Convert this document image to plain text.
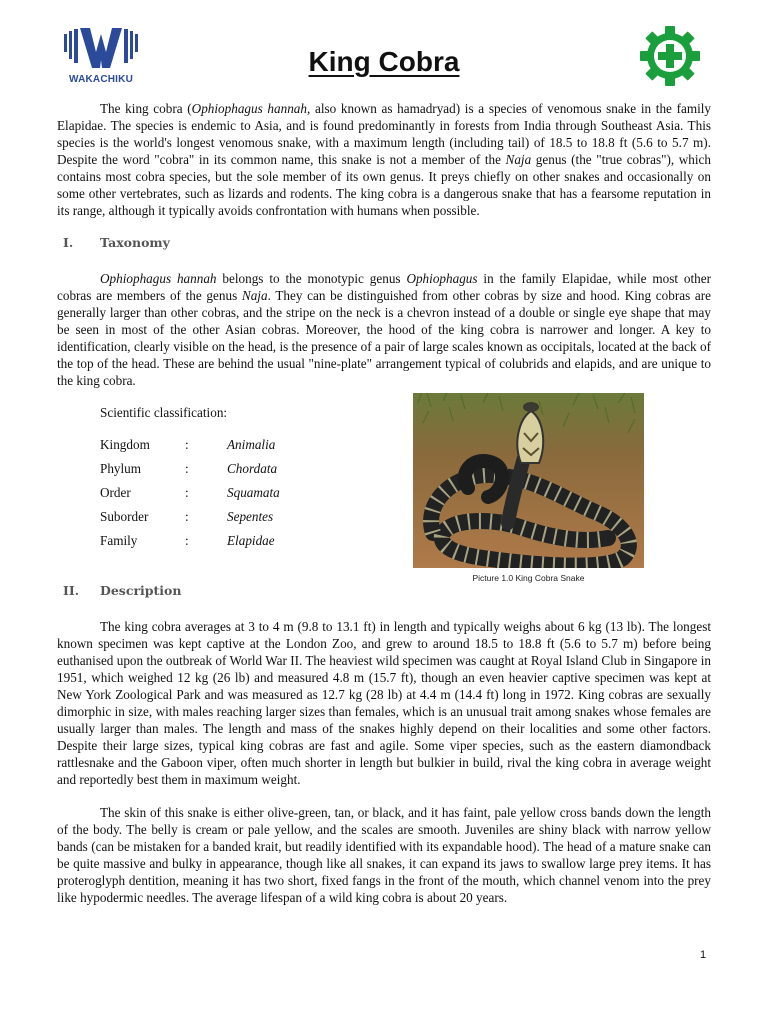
WAKACHIKU
King Cobra

The king cobra (Ophiophagus hannah, also known as hamadryad) is a species of venomous snake in the family Elapidae. The species is endemic to Asia, and is found predominantly in forests from India through Southeast Asia. This species is the world's longest venomous snake, with a maximum length (including tail) of 18.5 to 18.8 ft (5.6 to 5.7 m). Despite the word "cobra" in its common name, this snake is not a member of the Naja genus (the "true cobras"), which contains most cobra species, but the sole member of its own genus. It preys chiefly on other snakes and occasionally on some other vertebrates, such as lizards and rodents. The king cobra is a dangerous snake that has a fearsome reputation in its range, although it typically avoids confrontation with humans when possible.

I. Taxonomy

Ophiophagus hannah belongs to the monotypic genus Ophiophagus in the family Elapidae, while most other cobras are members of the genus Naja. They can be distinguished from other cobras by size and hood. King cobras are generally larger than other cobras, and the stripe on the neck is a chevron instead of a double or single eye shape that may be seen in most of the other Asian cobras. Moreover, the hood of the king cobra is narrower and longer. A key to identification, clearly visible on the head, is the presence of a pair of large scales known as occipitals, located at the back of the top of the head. These are behind the usual "nine-plate" arrangement typical of colubrids and elapids, and are unique to the king cobra.

Scientific classification:
Kingdom	:	Animalia
Phylum	:	Chordata
Order	:	Squamata
Suborder	:	Sepentes
Family	:	Elapidae
Picture 1.0 King Cobra Snake
II. Description

The king cobra averages at 3 to 4 m (9.8 to 13.1 ft) in length and typically weighs about 6 kg (13 lb). The longest known specimen was kept captive at the London Zoo, and grew to around 18.5 to 18.8 ft (5.6 to 5.7 m) before being euthanised upon the outbreak of World War II. The heaviest wild specimen was caught at Royal Island Club in Singapore in 1951, which weighed 12 kg (26 lb) and measured 4.8 m (15.7 ft), though an even heavier captive specimen was kept at New York Zoological Park and was measured as 12.7 kg (28 lb) at 4.4 m (14.4 ft) long in 1972. King cobras are sexually dimorphic in size, with males reaching larger sizes than females, which is an unusual trait among snakes whose females are usually larger than males. The length and mass of the snakes highly depend on their localities and some other factors. Despite their large sizes, typical king cobras are fast and agile. Some viper species, such as the eastern diamondback rattlesnake and the Gaboon viper, often much shorter in length but bulkier in build, rival the king cobra in average weight and reportedly best them in maximum weight.

The skin of this snake is either olive-green, tan, or black, and it has faint, pale yellow cross bands down the length of the body. The belly is cream or pale yellow, and the scales are smooth. Juveniles are shiny black with narrow yellow bands (can be mistaken for a banded krait, but readily identified with its expandable hood). The head of a mature snake can be quite massive and bulky in appearance, though like all snakes, it can expand its jaws to swallow large prey items. It has proteroglyph dentition, meaning it has two short, fixed fangs in the front of the mouth, which channel venom into the prey like hypodermic needles. The average lifespan of a wild king cobra is about 20 years.

1
